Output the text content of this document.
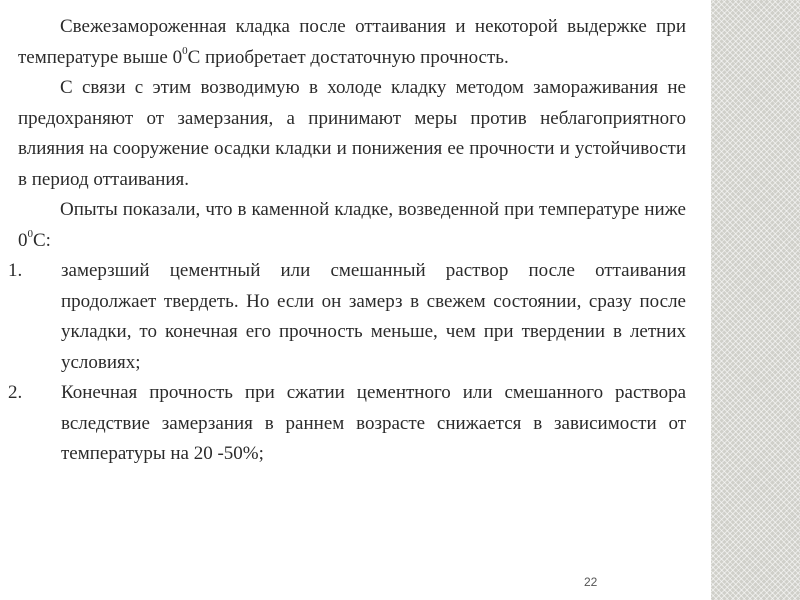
Свежезамороженная кладка после оттаивания и некоторой выдержке при температуре выше $0^0С$ приобретает достаточную прочность.

С связи с этим возводимую в холоде кладку методом замораживания не предохраняют от замерзания, а принимают меры против неблагоприятного влияния на сооружение осадки кладки и понижения ее прочности и устойчивости в период оттаивания.

Опыты показали, что в каменной кладке, возведенной при температуре ниже $0^0С$:

1. замерзший цементный или смешанный раствор после оттаивания продолжает твердеть. Но если он замерз в свежем состоянии, сразу после укладки, то конечная его прочность меньше, чем при твердении в летних условиях;
2. Конечная прочность при сжатии цементного или смешанного раствора вследствие замерзания в раннем возрасте снижается в зависимости от температуры на 20 -50%;
22
